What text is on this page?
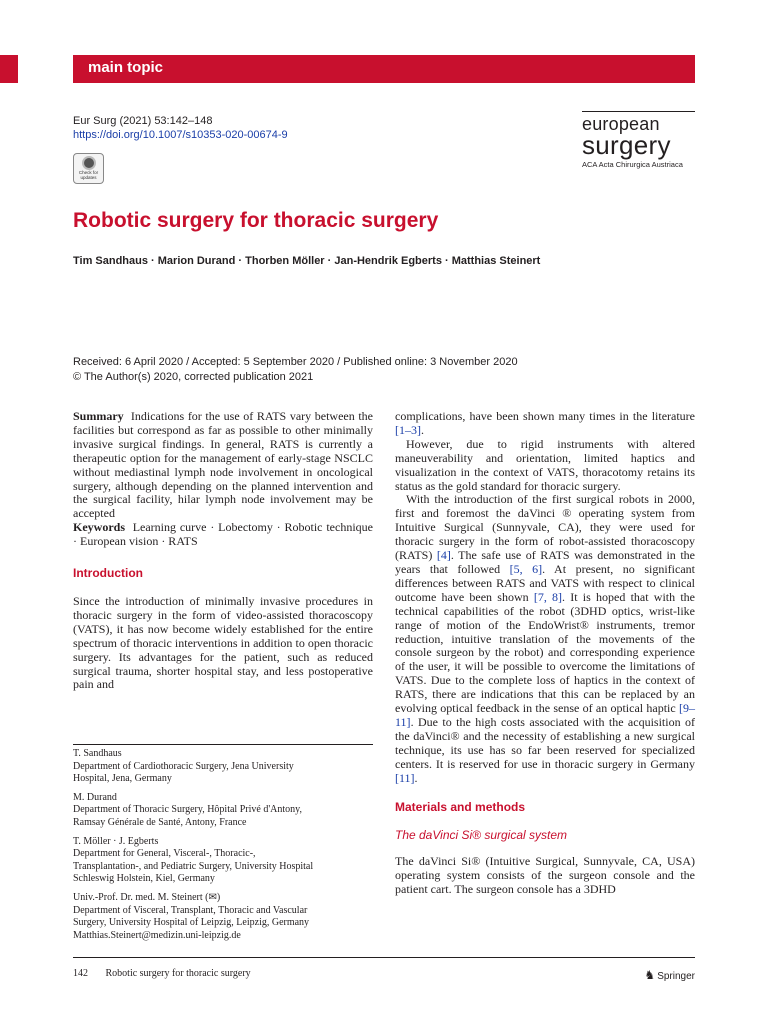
main topic
Eur Surg (2021) 53:142–148
https://doi.org/10.1007/s10353-020-00674-9
european
surgery
ACA Acta Chirurgica Austriaca
Check for
updates
Robotic surgery for thoracic surgery
Tim Sandhaus · Marion Durand · Thorben Möller · Jan-Hendrik Egberts · Matthias Steinert
Received: 6 April 2020 / Accepted: 5 September 2020 / Published online: 3 November 2020
© The Author(s) 2020, corrected publication 2021

Summary Indications for the use of RATS vary between the facilities but correspond as far as possible to other minimally invasive surgical findings. In general, RATS is currently a therapeutic option for the management of early-stage NSCLC without mediastinal lymph node involvement in oncological surgery, although depending on the planned intervention and the surgical facility, hilar lymph node involvement may be accepted

Keywords Learning curve · Lobectomy · Robotic technique · European vision · RATS

Introduction

Since the introduction of minimally invasive procedures in thoracic surgery in the form of video-assisted thoracoscopy (VATS), it has now become widely established for the entire spectrum of thoracic interventions in addition to open thoracic surgery. Its advantages for the patient, such as reduced surgical trauma, shorter hospital stay, and less postoperative pain and

T. Sandhaus
Department of Cardiothoracic Surgery, Jena University
Hospital, Jena, Germany
M. Durand
Department of Thoracic Surgery, Hôpital Privé d'Antony,
Ramsay Générale de Santé, Antony, France
T. Möller · J. Egberts
Department for General, Visceral-, Thoracic-,
Transplantation-, and Pediatric Surgery, University Hospital
Schleswig Holstein, Kiel, Germany
Univ.-Prof. Dr. med. M. Steinert (✉)
Department of Visceral, Transplant, Thoracic and Vascular
Surgery, University Hospital of Leipzig, Leipzig, Germany
Matthias.Steinert@medizin.uni-leipzig.de

complications, have been shown many times in the literature [1–3].

However, due to rigid instruments with altered maneuverability and orientation, limited haptics and visualization in the context of VATS, thoracotomy retains its status as the gold standard for thoracic surgery.

With the introduction of the first surgical robots in 2000, first and foremost the daVinci ® operating system from Intuitive Surgical (Sunnyvale, CA), they were used for thoracic surgery in the form of robot-assisted thoracoscopy (RATS) [4]. The safe use of RATS was demonstrated in the years that followed [5, 6]. At present, no significant differences between RATS and VATS with respect to clinical outcome have been shown [7, 8]. It is hoped that with the technical capabilities of the robot (3DHD optics, wrist-like range of motion of the EndoWrist® instruments, tremor reduction, intuitive translation of the movements of the console surgeon by the robot) and corresponding experience of the user, it will be possible to overcome the limitations of VATS. Due to the complete loss of haptics in the context of RATS, there are indications that this can be replaced by an evolving optical feedback in the sense of an optical haptic [9–11]. Due to the high costs associated with the acquisition of the daVinci® and the necessity of establishing a new surgical technique, its use has so far been reserved for specialized centers. It is reserved for use in thoracic surgery in Germany [11].

Materials and methods
The daVinci Si® surgical system

The daVinci Si® (Intuitive Surgical, Sunnyvale, CA, USA) operating system consists of the surgeon console and the patient cart. The surgeon console has a 3DHD

142 Robotic surgery for thoracic surgery	♞ Springer
